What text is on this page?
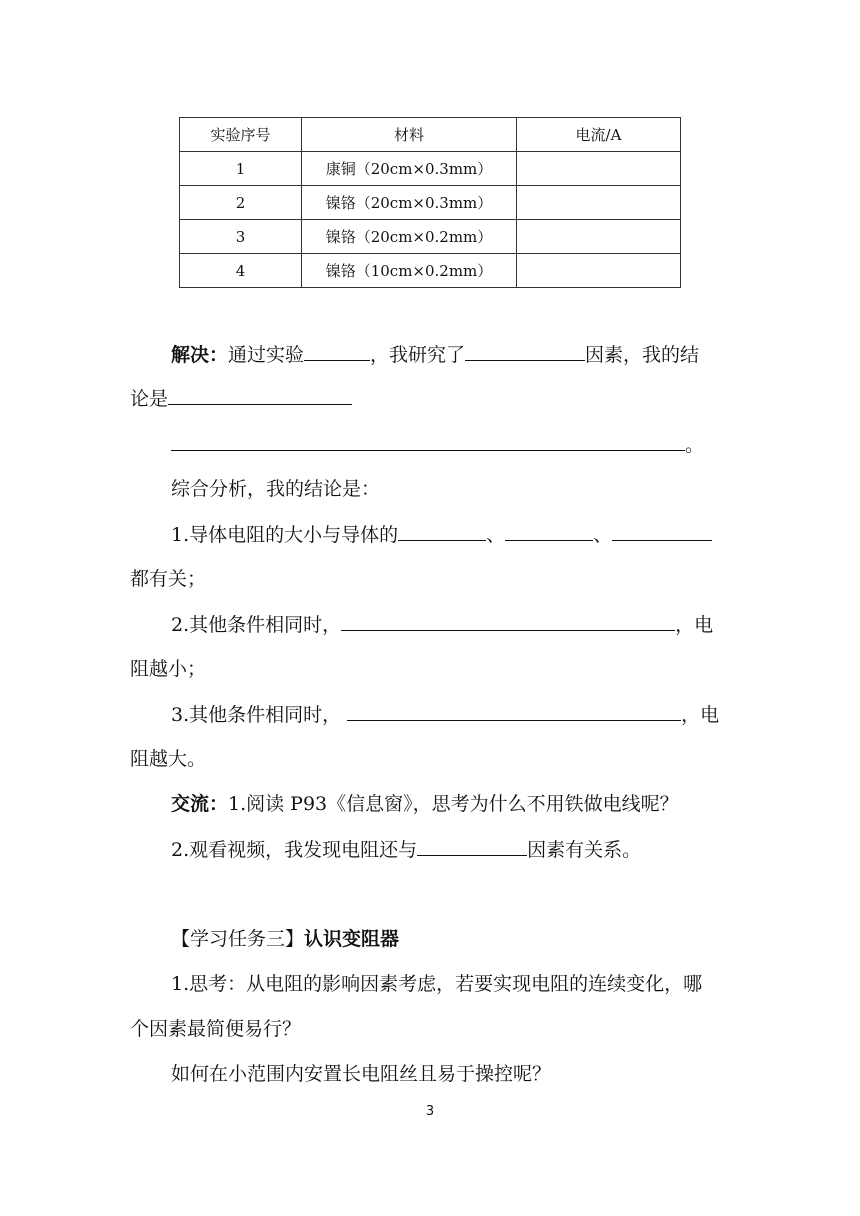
实验序号	材料	电流/A
1	康铜（20cm×0.3mm）	
2	镍铬（20cm×0.3mm）	
3	镍铬（20cm×0.2mm）	
4	镍铬（10cm×0.2mm）	
解决：通过实验	，我研究了	因素，我的结
论是
。
综合分析，我的结论是：
1.导体电阻的大小与导体的	、	、
都有关；
2.其他条件相同时，	，电
阻越小；
3.其他条件相同时，	，电
阻越大。
交流：1.阅读 P93《信息窗》，思考为什么不用铁做电线呢？
2.观看视频，我发现电阻还与	因素有关系。
【学习任务三】认识变阻器
1.思考：从电阻的影响因素考虑，若要实现电阻的连续变化，哪
个因素最简便易行？
如何在小范围内安置长电阻丝且易于操控呢？
3
